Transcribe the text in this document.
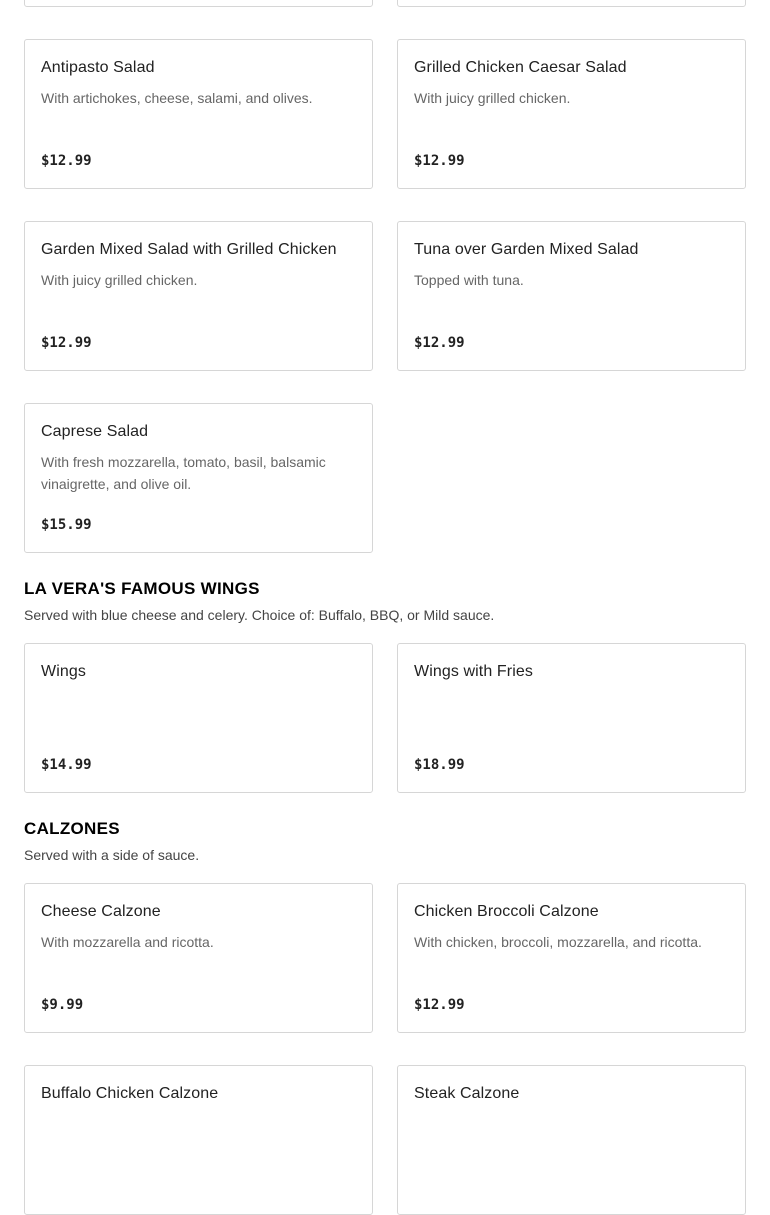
Antipasto Salad
With artichokes, cheese, salami, and olives.
$12.99
Grilled Chicken Caesar Salad
With juicy grilled chicken.
$12.99
Garden Mixed Salad with Grilled Chicken
With juicy grilled chicken.
$12.99
Tuna over Garden Mixed Salad
Topped with tuna.
$12.99
Caprese Salad
With fresh mozzarella, tomato, basil, balsamic vinaigrette, and olive oil.
$15.99
LA VERA'S FAMOUS WINGS

Served with blue cheese and celery. Choice of: Buffalo, BBQ, or Mild sauce.

Wings
$14.99
Wings with Fries
$18.99
CALZONES

Served with a side of sauce.

Cheese Calzone
With mozzarella and ricotta.
$9.99
Chicken Broccoli Calzone
With chicken, broccoli, mozzarella, and ricotta.
$12.99
Buffalo Chicken Calzone	Steak Calzone
